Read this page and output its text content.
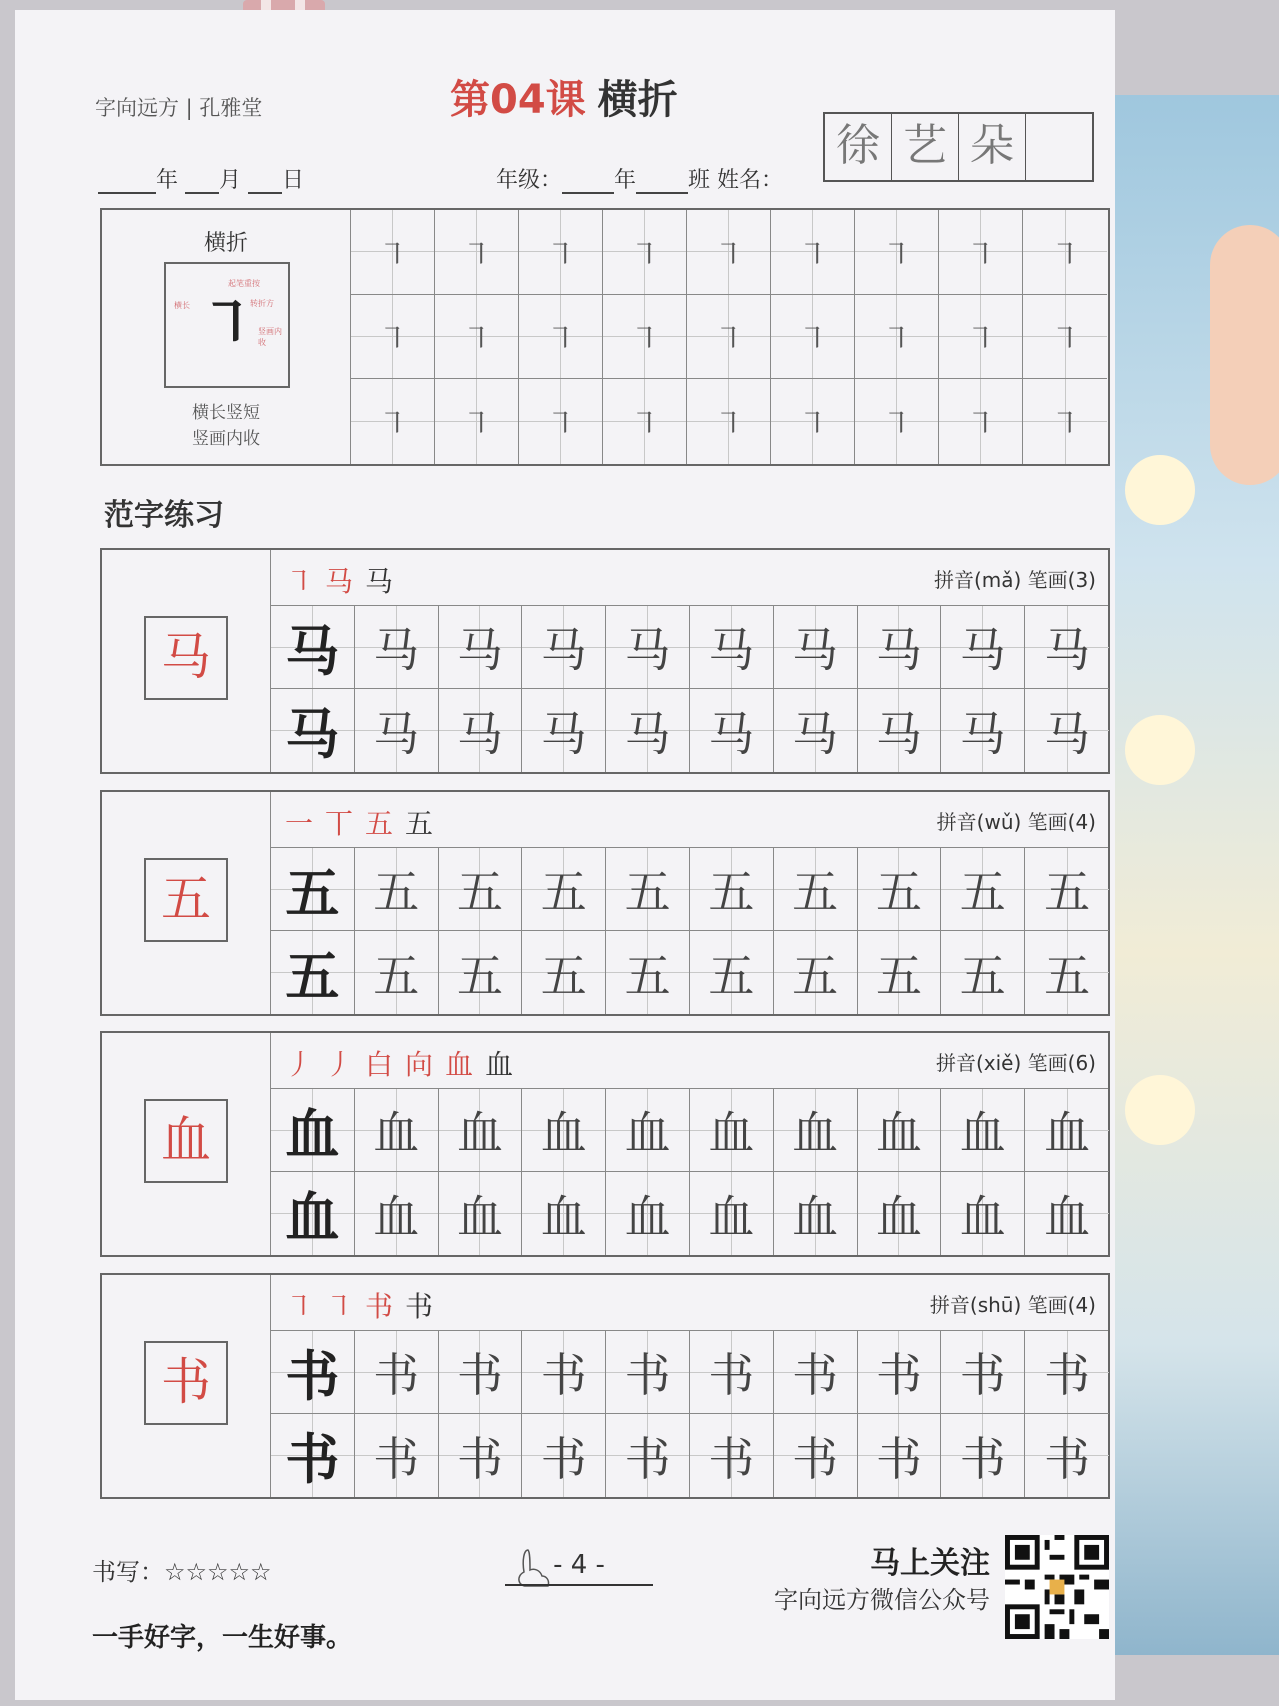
字向远方 | 孔雅堂	第04课 横折
年 月 日	年级： 年 班 姓名：
徐 艺 朵
横折
㇕
起笔重按
转折方
竖画内收
横长
横长竖短
竖画内收
㇕	㇕	㇕	㇕	㇕	㇕	㇕	㇕	㇕
㇕	㇕	㇕	㇕	㇕	㇕	㇕	㇕	㇕
㇕	㇕	㇕	㇕	㇕	㇕	㇕	㇕	㇕
范字练习
马
㇕ 马 马	拼音(mǎ) 笔画(3)
马 马 马 马 马 马 马 马 马 马
马 马 马 马 马 马 马 马 马 马
五
一 丅 五 五	拼音(wǔ) 笔画(4)
五 五 五 五 五 五 五 五 五 五
五 五 五 五 五 五 五 五 五 五
血
丿 丿 白 向 血 血	拼音(xiě) 笔画(6)
血 血 血 血 血 血 血 血 血 血
血 血 血 血 血 血 血 血 血 血
书
㇕ ㇕ 书 书	拼音(shū) 笔画(4)
书 书 书 书 书 书 书 书 书 书
书 书 书 书 书 书 书 书 书 书
书写：☆☆☆☆☆
一手好字，一生好事。
- 4 -	马上关注
字向远方微信公众号
